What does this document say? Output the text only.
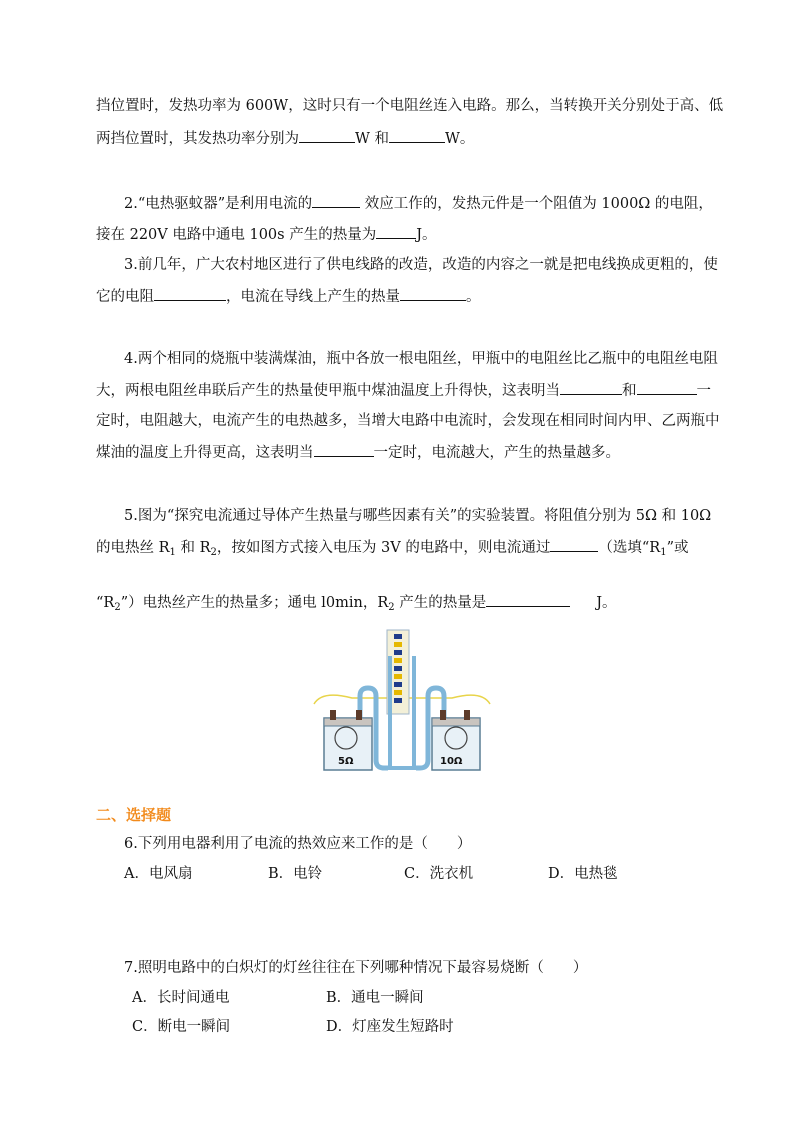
挡位置时，发热功率为 600W，这时只有一个电阻丝连入电路。那么，当转换开关分别处于高、低
两挡位置时，其发热功率分别为	W 和	W。
2.“电热驱蚊器”是利用电流的	效应工作的，发热元件是一个阻值为 1000Ω 的电阻，
接在 220V 电路中通电 100s 产生的热量为	J。
3.前几年，广大农村地区进行了供电线路的改造，改造的内容之一就是把电线换成更粗的，使
它的电阻	，电流在导线上产生的热量	。
4.两个相同的烧瓶中装满煤油，瓶中各放一根电阻丝，甲瓶中的电阻丝比乙瓶中的电阻丝电阻
大，两根电阻丝串联后产生的热量使甲瓶中煤油温度上升得快，这表明当	和	一
定时，电阻越大，电流产生的电热越多，当增大电路中电流时，会发现在相同时间内甲、乙两瓶中
煤油的温度上升得更高，这表明当	一定时，电流越大，产生的热量越多。
5.图为“探究电流通过导体产生热量与哪些因素有关”的实验装置。将阻值分别为 5Ω 和 10Ω
的电热丝 $R_1$ 和 $R_2$，按如图方式接入电压为 3V 的电路中，则电流通过	（选填“$R_1$”或
“$R_2$”）电热丝产生的热量多；通电 l0min，$R_2$ 产生的热量是	J。
5Ω	10Ω
二、选择题
6.下列用电器利用了电流的热效应来工作的是（　　）
A．电风扇	B．电铃	C．洗衣机	D．电热毯
7.照明电路中的白炽灯的灯丝往往在下列哪种情况下最容易烧断（　　）
A．长时间通电	B．通电一瞬间
C．断电一瞬间	D．灯座发生短路时
